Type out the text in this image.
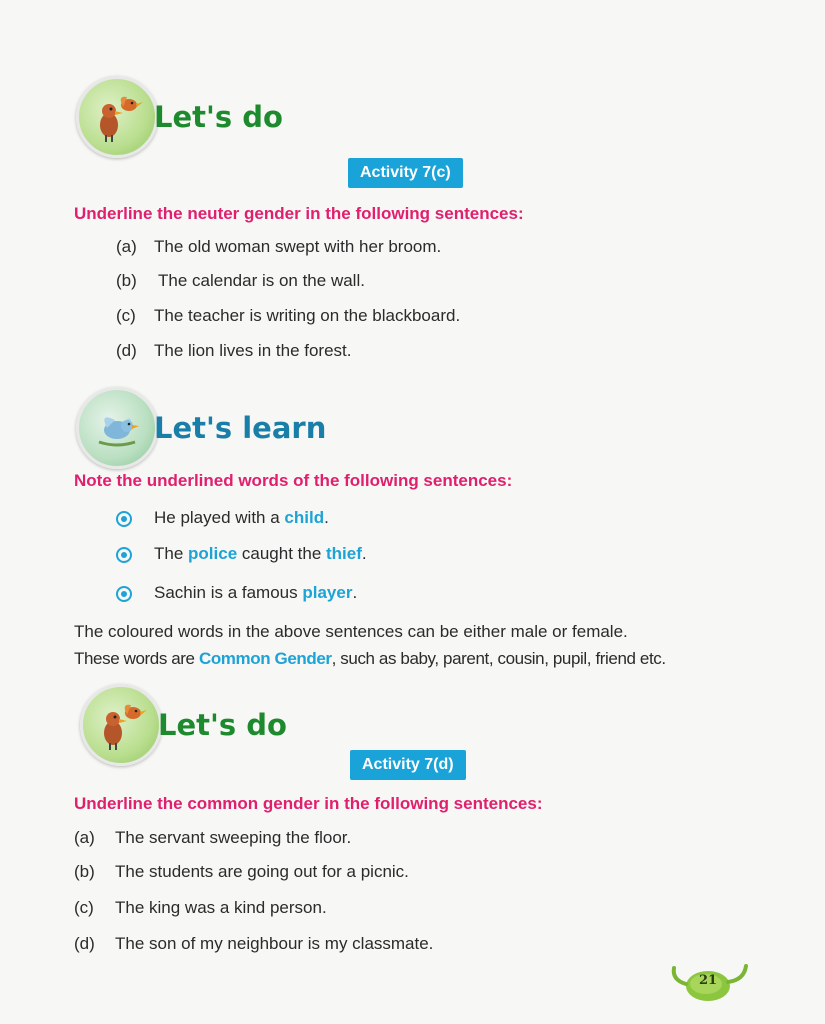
Let's do
Activity 7(c)
Underline the neuter gender in the following sentences:
(a) The old woman swept with her broom.
(b) The calendar is on the wall.
(c) The teacher is writing on the blackboard.
(d) The lion lives in the forest.
Let's learn
Note the underlined words of the following sentences:
He played with a child.
The police caught the thief.
Sachin is a famous player.
The coloured words in the above sentences can be either male or female.
These words are Common Gender, such as baby, parent, cousin, pupil, friend etc.
Let's do
Activity 7(d)
Underline the common gender in the following sentences:
(a) The servant sweeping the floor.
(b) The students are going out for a picnic.
(c) The king was a kind person.
(d) The son of my neighbour is my classmate.
21
